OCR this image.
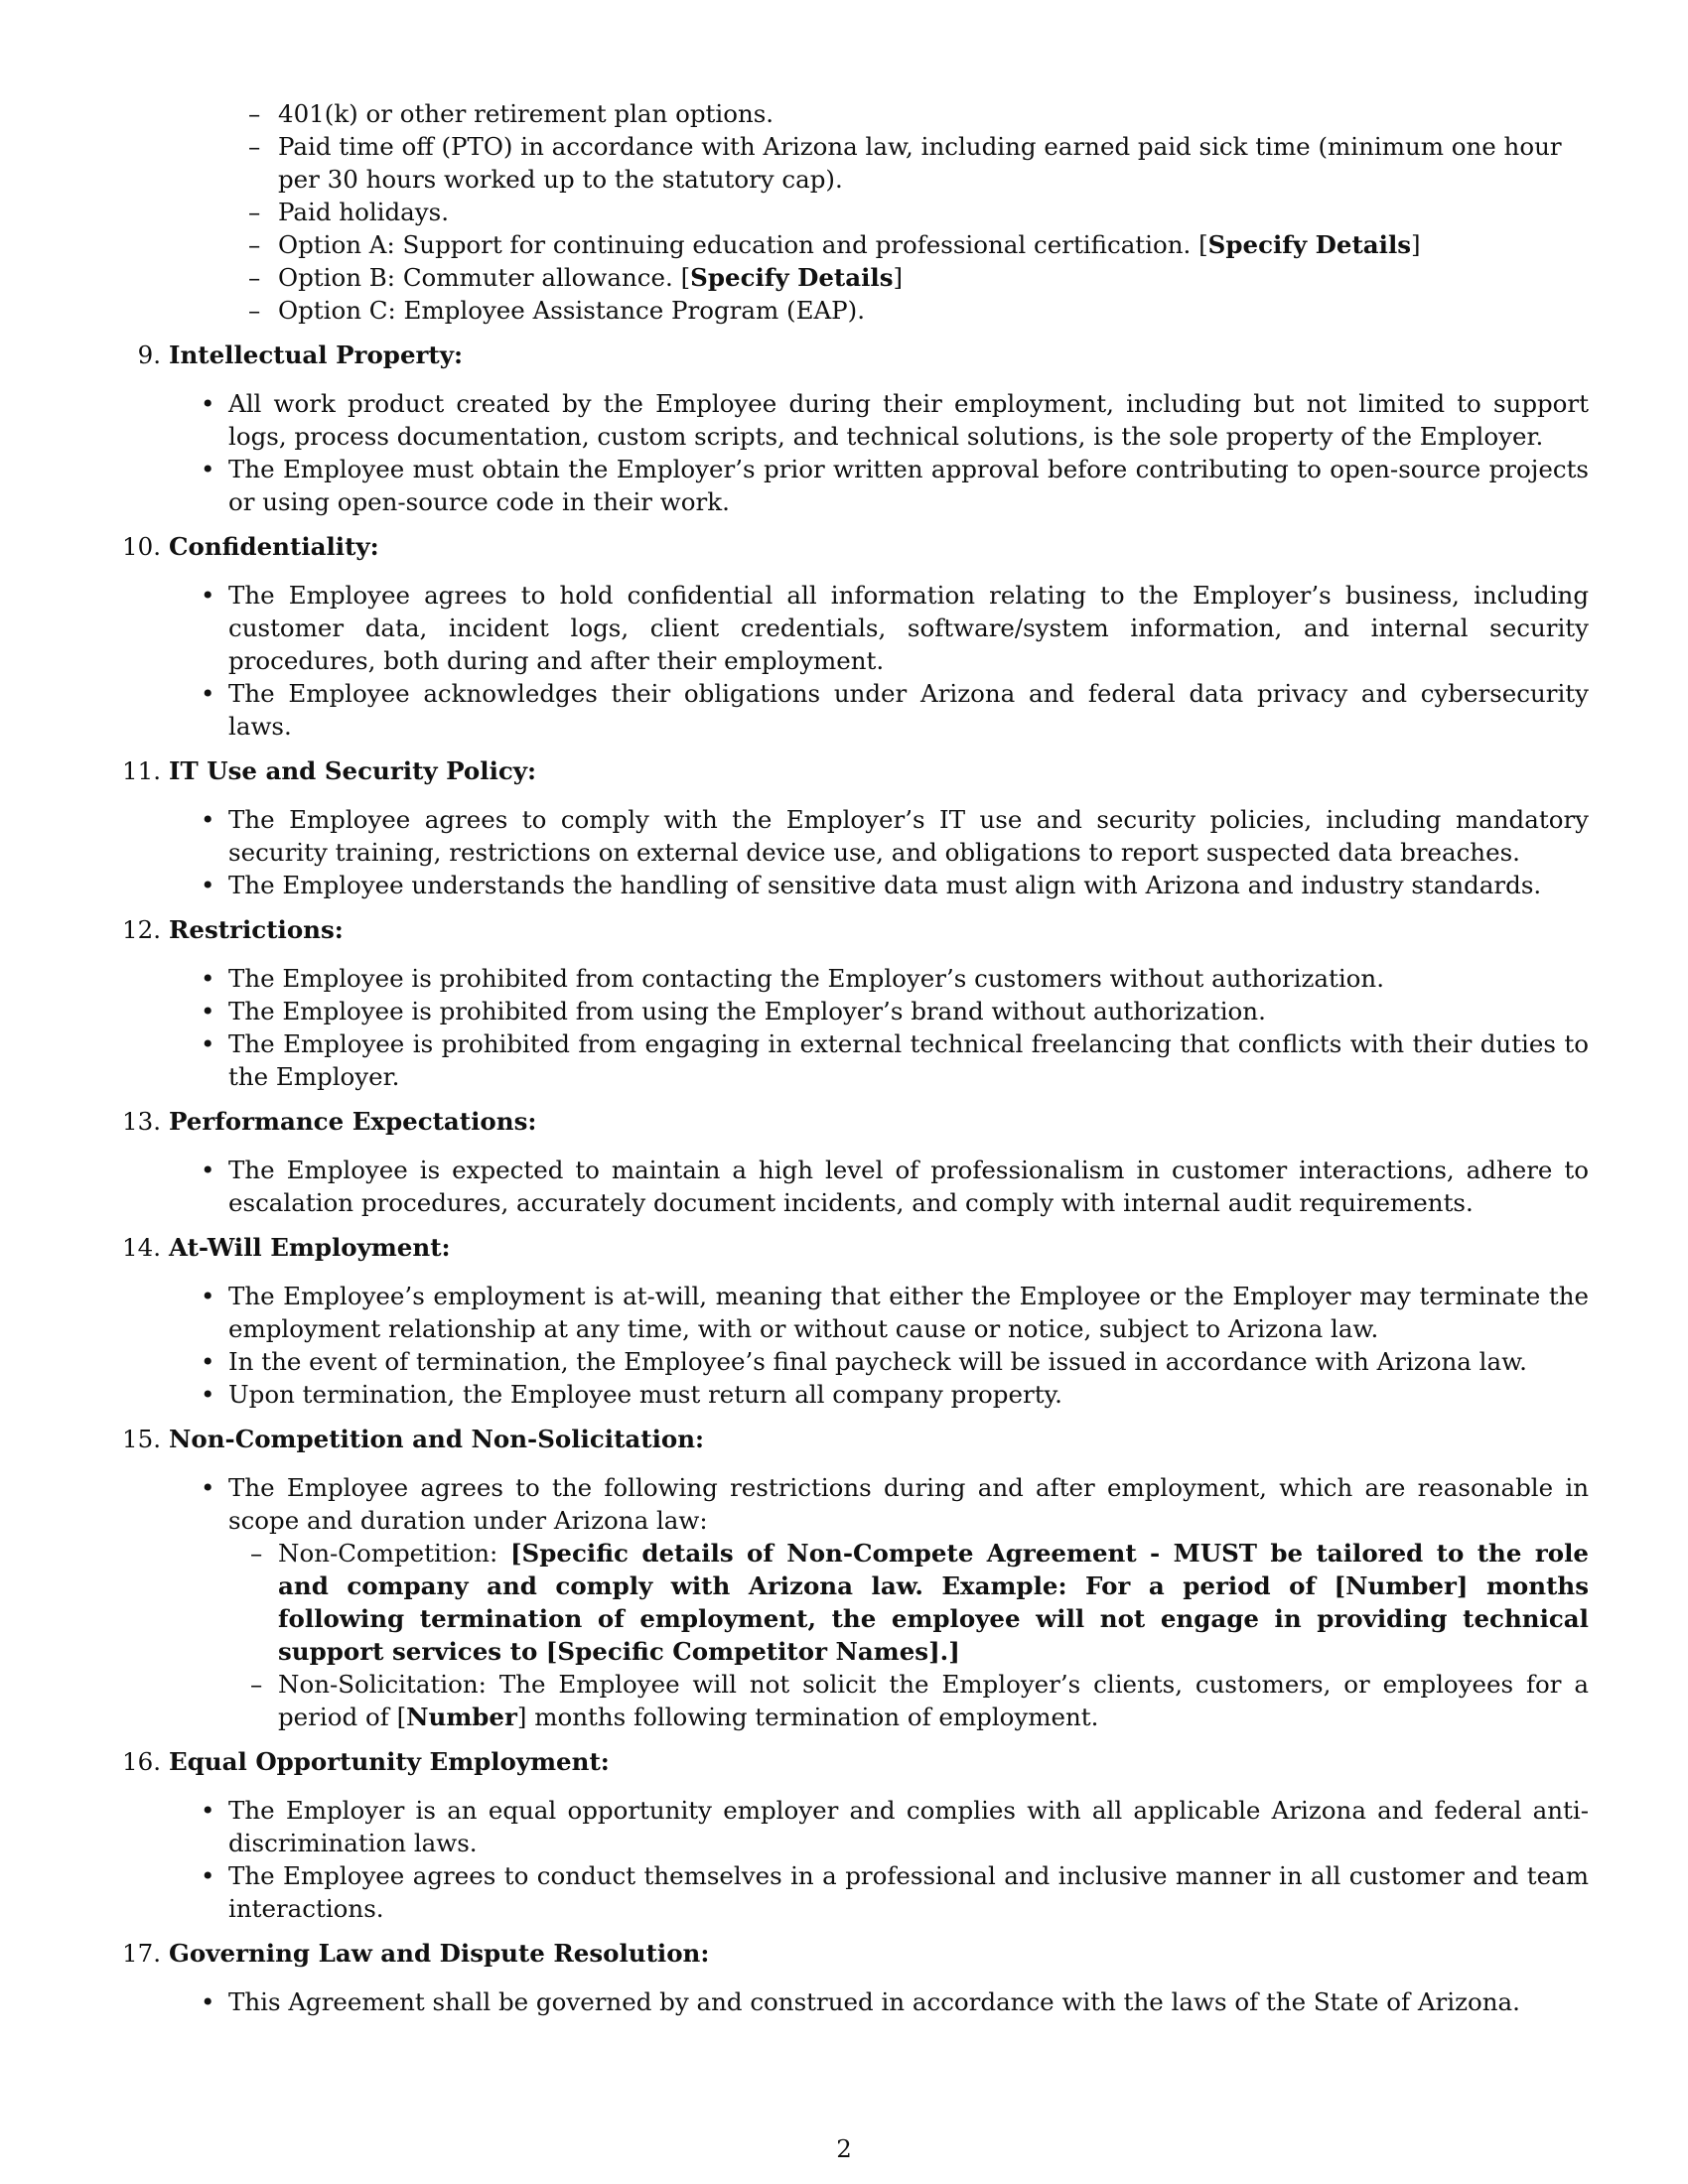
– 401(k) or other retirement plan options.
– Paid time off (PTO) in accordance with Arizona law, including earned paid sick time (minimum one hour per 30 hours worked up to the statutory cap).
– Paid holidays.
– Option A: Support for continuing education and professional certification. [Specify Details]
– Option B: Commuter allowance. [Specify Details]
– Option C: Employee Assistance Program (EAP).
9. Intellectual Property:
• All work product created by the Employee during their employment, including but not limited to support logs, process documentation, custom scripts, and technical solutions, is the sole property of the Employer.
• The Employee must obtain the Employer’s prior written approval before contributing to open-source projects or using open-source code in their work.
10. Confidentiality:
• The Employee agrees to hold confidential all information relating to the Employer’s business, including customer data, incident logs, client credentials, software/system information, and internal security procedures, both during and after their employment.
• The Employee acknowledges their obligations under Arizona and federal data privacy and cybersecurity laws.
11. IT Use and Security Policy:
• The Employee agrees to comply with the Employer’s IT use and security policies, including mandatory security training, restrictions on external device use, and obligations to report suspected data breaches.
• The Employee understands the handling of sensitive data must align with Arizona and industry standards.
12. Restrictions:
• The Employee is prohibited from contacting the Employer’s customers without authorization.
• The Employee is prohibited from using the Employer’s brand without authorization.
• The Employee is prohibited from engaging in external technical freelancing that conflicts with their duties to the Employer.
13. Performance Expectations:
• The Employee is expected to maintain a high level of professionalism in customer interactions, adhere to escalation procedures, accurately document incidents, and comply with internal audit requirements.
14. At-Will Employment:
• The Employee’s employment is at-will, meaning that either the Employee or the Employer may terminate the employment relationship at any time, with or without cause or notice, subject to Arizona law.
• In the event of termination, the Employee’s final paycheck will be issued in accordance with Arizona law.
• Upon termination, the Employee must return all company property.
15. Non-Competition and Non-Solicitation:
• The Employee agrees to the following restrictions during and after employment, which are reasonable in scope and duration under Arizona law:
– Non-Competition: [Specific details of Non-Compete Agreement - MUST be tailored to the role and company and comply with Arizona law. Example: For a period of [Number] months following termination of employment, the employee will not engage in providing technical support services to [Specific Competitor Names].]
– Non-Solicitation: The Employee will not solicit the Employer’s clients, customers, or employees for a period of [Number] months following termination of employment.
16. Equal Opportunity Employment:
• The Employer is an equal opportunity employer and complies with all applicable Arizona and federal anti-discrimination laws.
• The Employee agrees to conduct themselves in a professional and inclusive manner in all customer and team interactions.
17. Governing Law and Dispute Resolution:
• This Agreement shall be governed by and construed in accordance with the laws of the State of Arizona.
2
